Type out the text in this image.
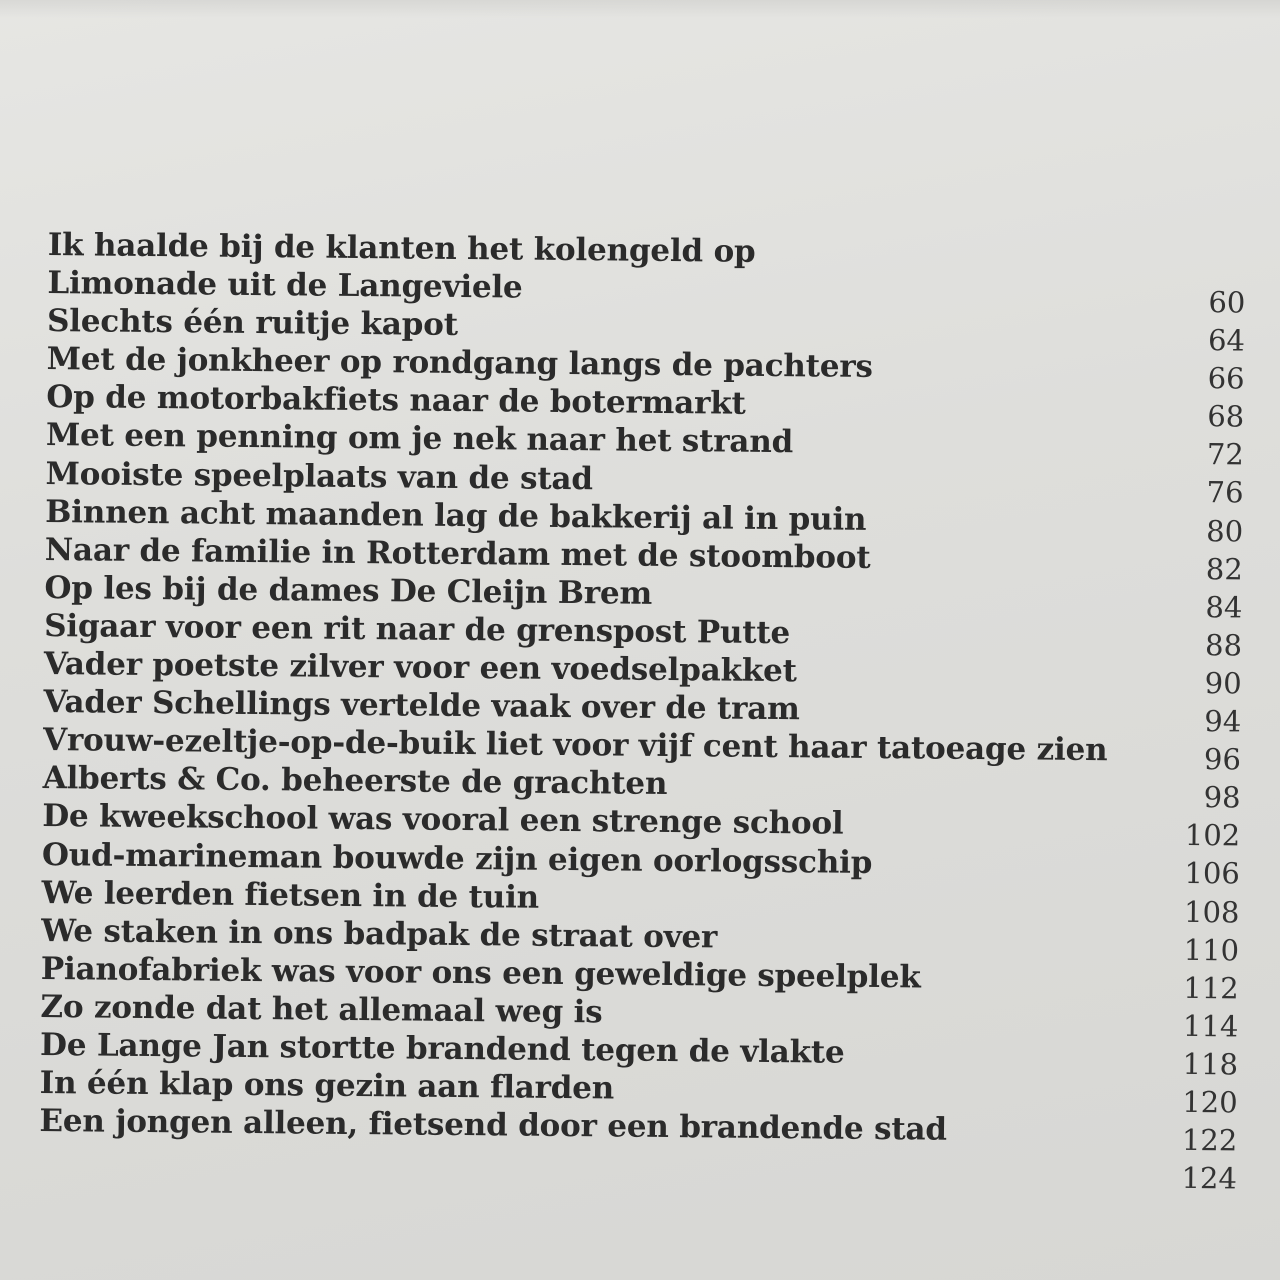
Ik haalde bij de klanten het kolengeld op
Limonade uit de Langeviele
Slechts één ruitje kapot
Met de jonkheer op rondgang langs de pachters
Op de motorbakfiets naar de botermarkt
Met een penning om je nek naar het strand
Mooiste speelplaats van de stad
Binnen acht maanden lag de bakkerij al in puin
Naar de familie in Rotterdam met de stoomboot
Op les bij de dames De Cleijn Brem
Sigaar voor een rit naar de grenspost Putte
Vader poetste zilver voor een voedselpakket
Vader Schellings vertelde vaak over de tram
Vrouw-ezeltje-op-de-buik liet voor vijf cent haar tatoeage zien
Alberts & Co. beheerste de grachten
De kweekschool was vooral een strenge school
Oud-marineman bouwde zijn eigen oorlogsschip
We leerden fietsen in de tuin
We staken in ons badpak de straat over
Pianofabriek was voor ons een geweldige speelplek
Zo zonde dat het allemaal weg is
De Lange Jan stortte brandend tegen de vlakte
In één klap ons gezin aan flarden
Een jongen alleen, fietsend door een brandende stad
60
64
66
68
72
76
80
82
84
88
90
94
96
98
102
106
108
110
112
114
118
120
122
124
